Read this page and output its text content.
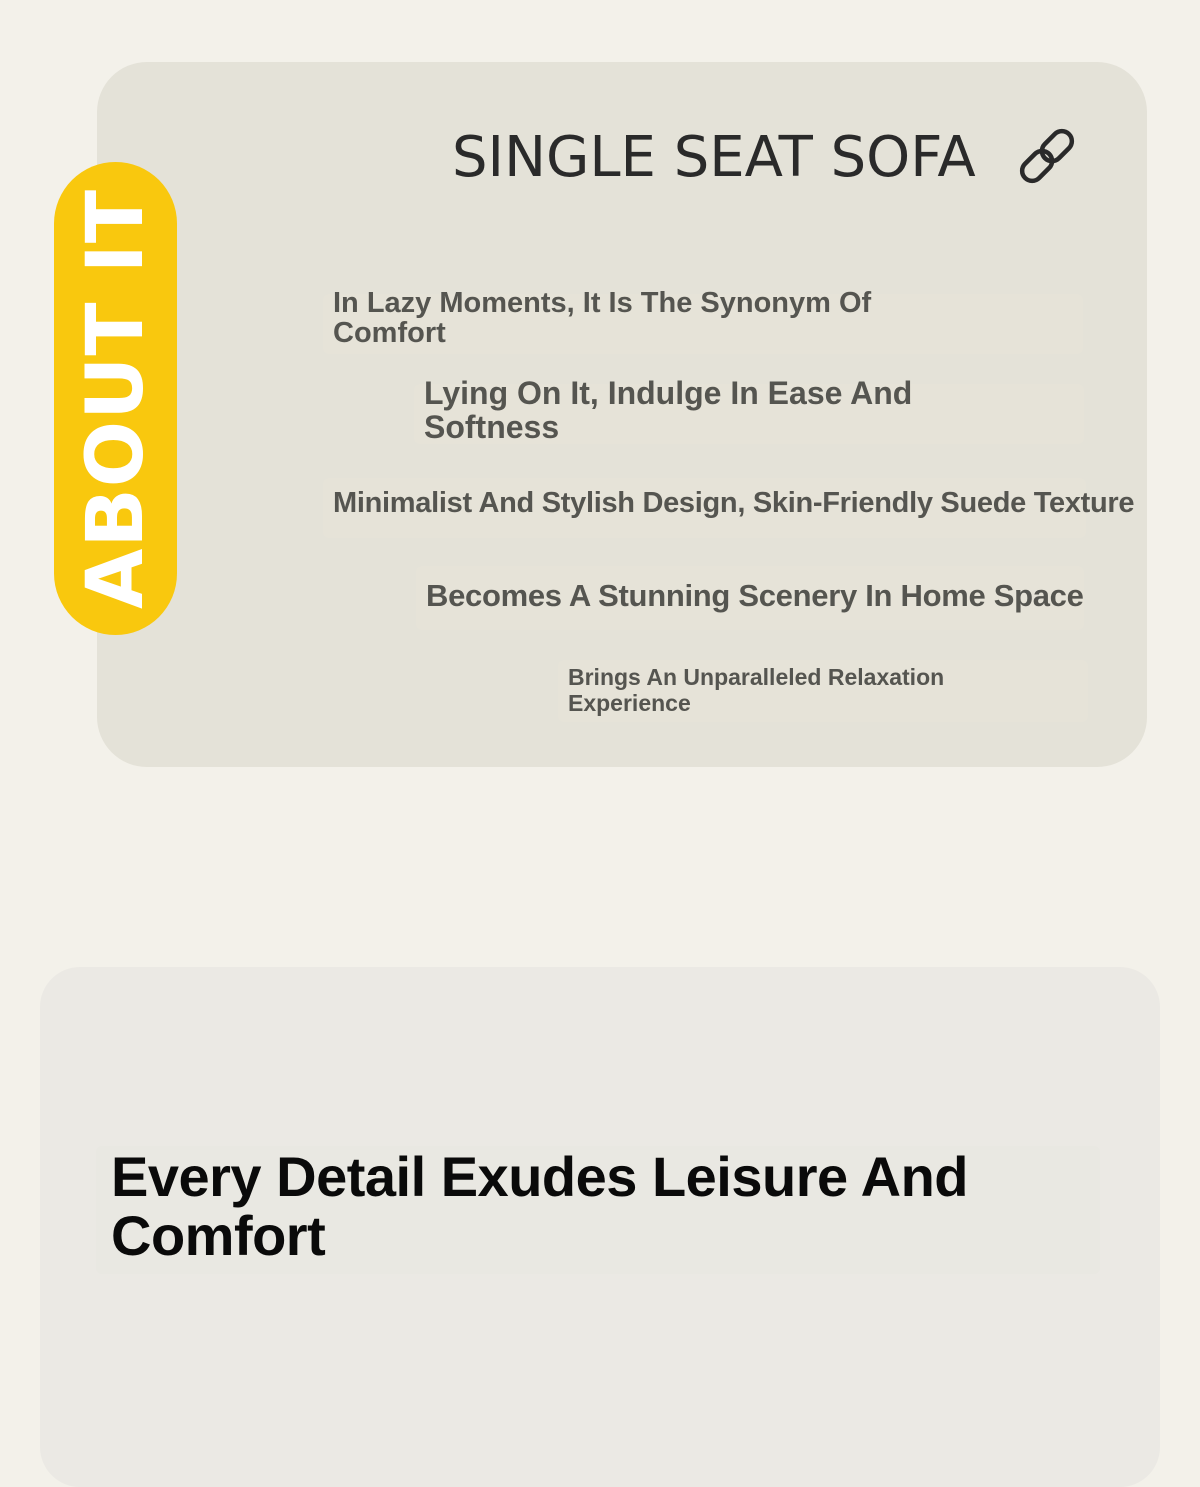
ABOUT IT
SINGLE SEAT SOFA

In Lazy Moments, It Is The Synonym Of Comfort

Lying On It, Indulge In Ease And Softness

Minimalist And Stylish Design, Skin-Friendly Suede Texture

Becomes A Stunning Scenery In Home Space

Brings An Unparalleled Relaxation Experience

Every Detail Exudes Leisure And Comfort
